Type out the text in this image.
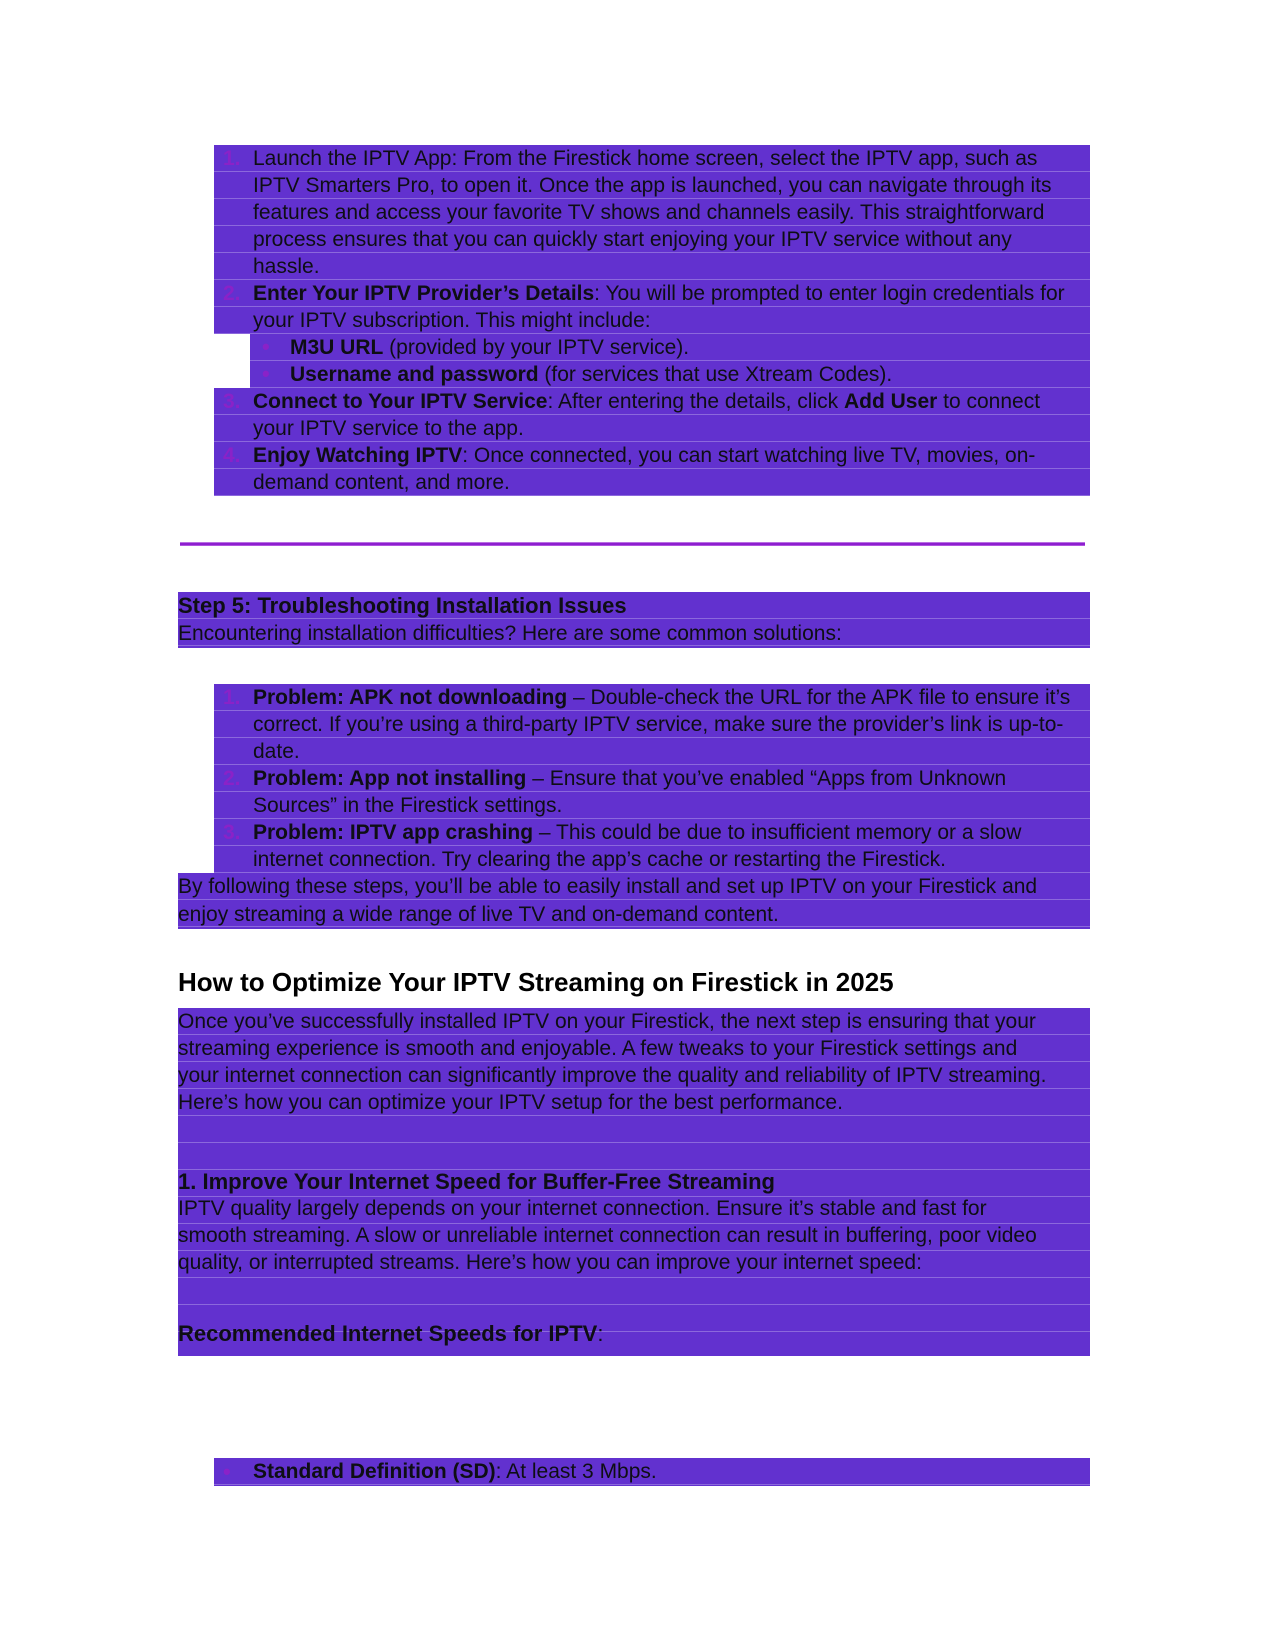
1. Launch the IPTV App: From the Firestick home screen, select the IPTV app, such as IPTV Smarters Pro, to open it. Once the app is launched, you can navigate through its features and access your favorite TV shows and channels easily. This straightforward process ensures that you can quickly start enjoying your IPTV service without any hassle.
2. Enter Your IPTV Provider’s Details: You will be prompted to enter login credentials for your IPTV subscription. This might include:
• M3U URL (provided by your IPTV service).
• Username and password (for services that use Xtream Codes).
3. Connect to Your IPTV Service: After entering the details, click Add User to connect your IPTV service to the app.
4. Enjoy Watching IPTV: Once connected, you can start watching live TV, movies, on-demand content, and more.
Step 5: Troubleshooting Installation Issues
Encountering installation difficulties? Here are some common solutions:
1. Problem: APK not downloading – Double-check the URL for the APK file to ensure it’s correct. If you’re using a third-party IPTV service, make sure the provider’s link is up-to-date.
2. Problem: App not installing – Ensure that you’ve enabled “Apps from Unknown Sources” in the Firestick settings.
3. Problem: IPTV app crashing – This could be due to insufficient memory or a slow internet connection. Try clearing the app’s cache or restarting the Firestick.
By following these steps, you’ll be able to easily install and set up IPTV on your Firestick and enjoy streaming a wide range of live TV and on-demand content.
How to Optimize Your IPTV Streaming on Firestick in 2025
Once you’ve successfully installed IPTV on your Firestick, the next step is ensuring that your streaming experience is smooth and enjoyable. A few tweaks to your Firestick settings and your internet connection can significantly improve the quality and reliability of IPTV streaming. Here’s how you can optimize your IPTV setup for the best performance.
1. Improve Your Internet Speed for Buffer-Free Streaming
IPTV quality largely depends on your internet connection. Ensure it’s stable and fast for smooth streaming. A slow or unreliable internet connection can result in buffering, poor video quality, or interrupted streams. Here’s how you can improve your internet speed:
Recommended Internet Speeds for IPTV:
• Standard Definition (SD): At least 3 Mbps.
